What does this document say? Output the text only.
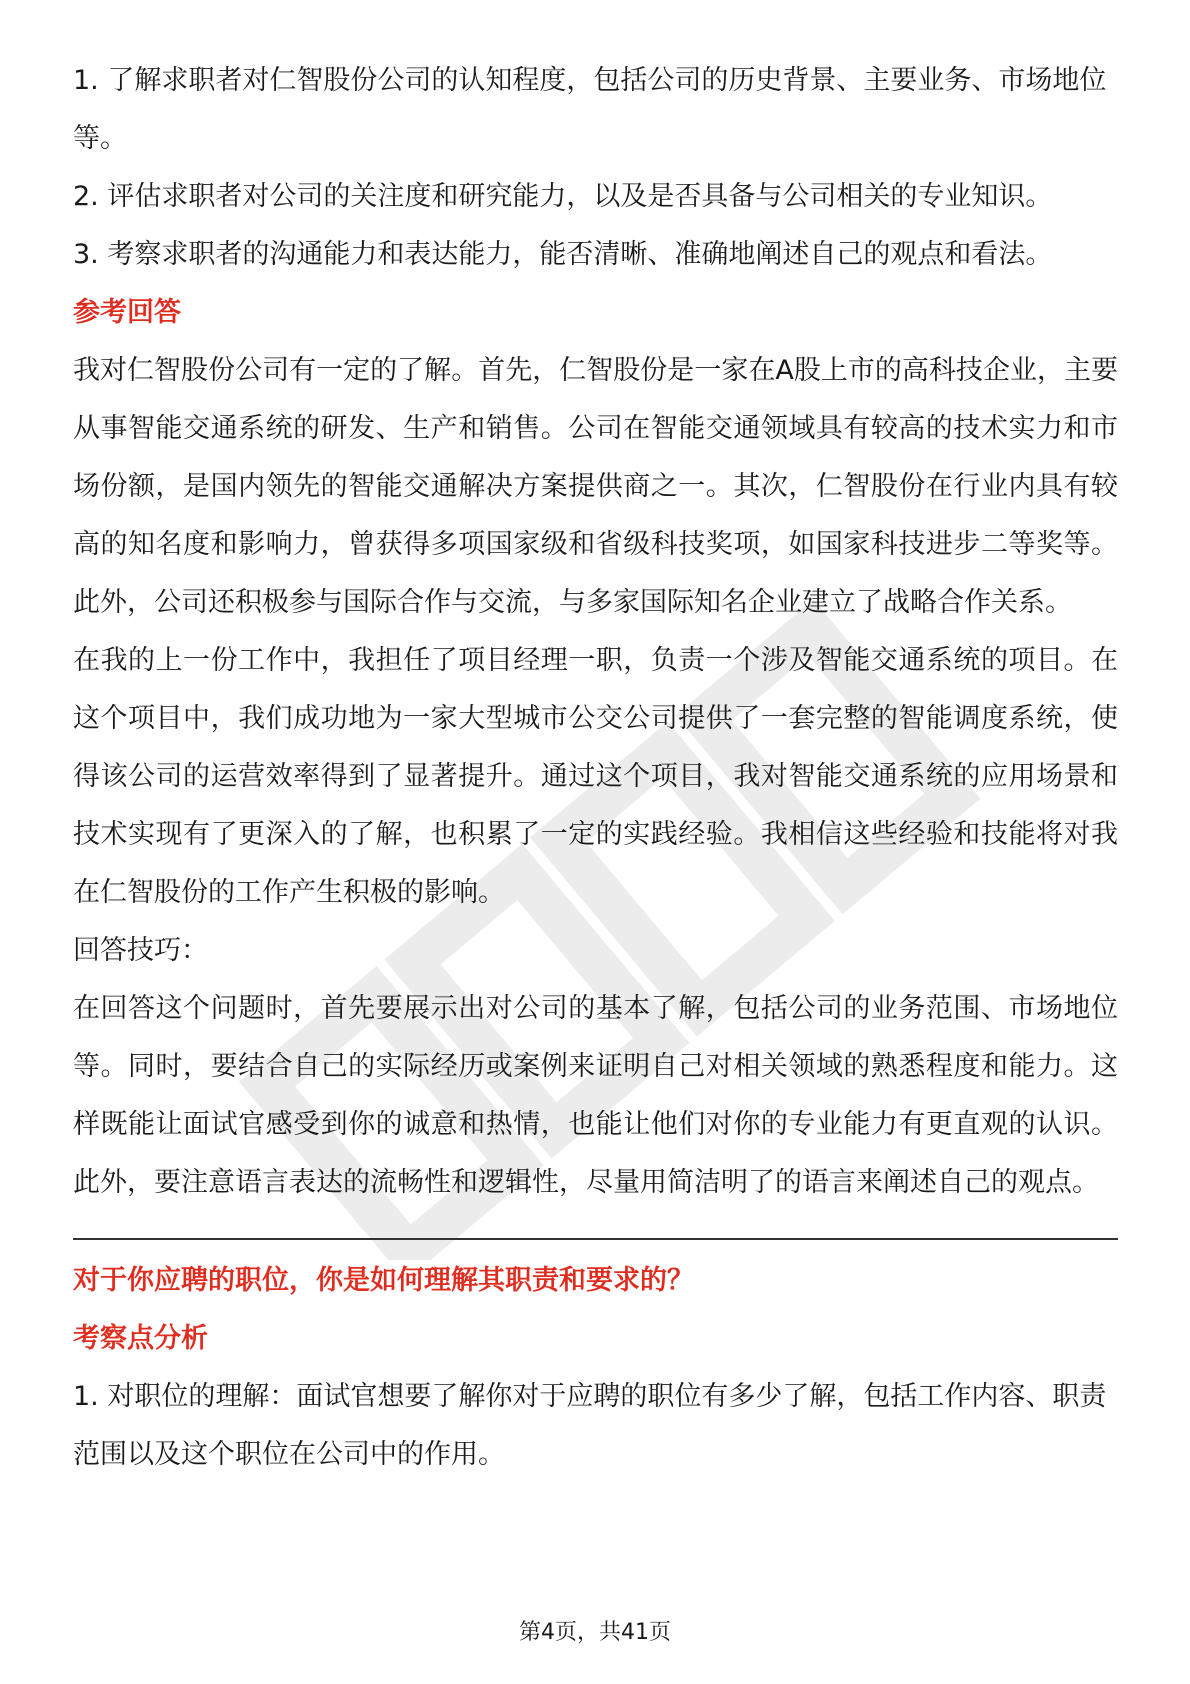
1. 了解求职者对仁智股份公司的认知程度，包括公司的历史背景、主要业务、市场地位等。

2. 评估求职者对公司的关注度和研究能力，以及是否具备与公司相关的专业知识。

3. 考察求职者的沟通能力和表达能力，能否清晰、准确地阐述自己的观点和看法。

参考回答

我对仁智股份公司有一定的了解。首先，仁智股份是一家在A股上市的高科技企业，主要从事智能交通系统的研发、生产和销售。公司在智能交通领域具有较高的技术实力和市场份额，是国内领先的智能交通解决方案提供商之一。其次，仁智股份在行业内具有较高的知名度和影响力，曾获得多项国家级和省级科技奖项，如国家科技进步二等奖等。此外，公司还积极参与国际合作与交流，与多家国际知名企业建立了战略合作关系。

在我的上一份工作中，我担任了项目经理一职，负责一个涉及智能交通系统的项目。在这个项目中，我们成功地为一家大型城市公交公司提供了一套完整的智能调度系统，使得该公司的运营效率得到了显著提升。通过这个项目，我对智能交通系统的应用场景和技术实现有了更深入的了解，也积累了一定的实践经验。我相信这些经验和技能将对我在仁智股份的工作产生积极的影响。

回答技巧：

在回答这个问题时，首先要展示出对公司的基本了解，包括公司的业务范围、市场地位等。同时，要结合自己的实际经历或案例来证明自己对相关领域的熟悉程度和能力。这样既能让面试官感受到你的诚意和热情，也能让他们对你的专业能力有更直观的认识。此外，要注意语言表达的流畅性和逻辑性，尽量用简洁明了的语言来阐述自己的观点。

对于你应聘的职位，你是如何理解其职责和要求的？

考察点分析

1. 对职位的理解：面试官想要了解你对于应聘的职位有多少了解，包括工作内容、职责范围以及这个职位在公司中的作用。

第4页，共41页
